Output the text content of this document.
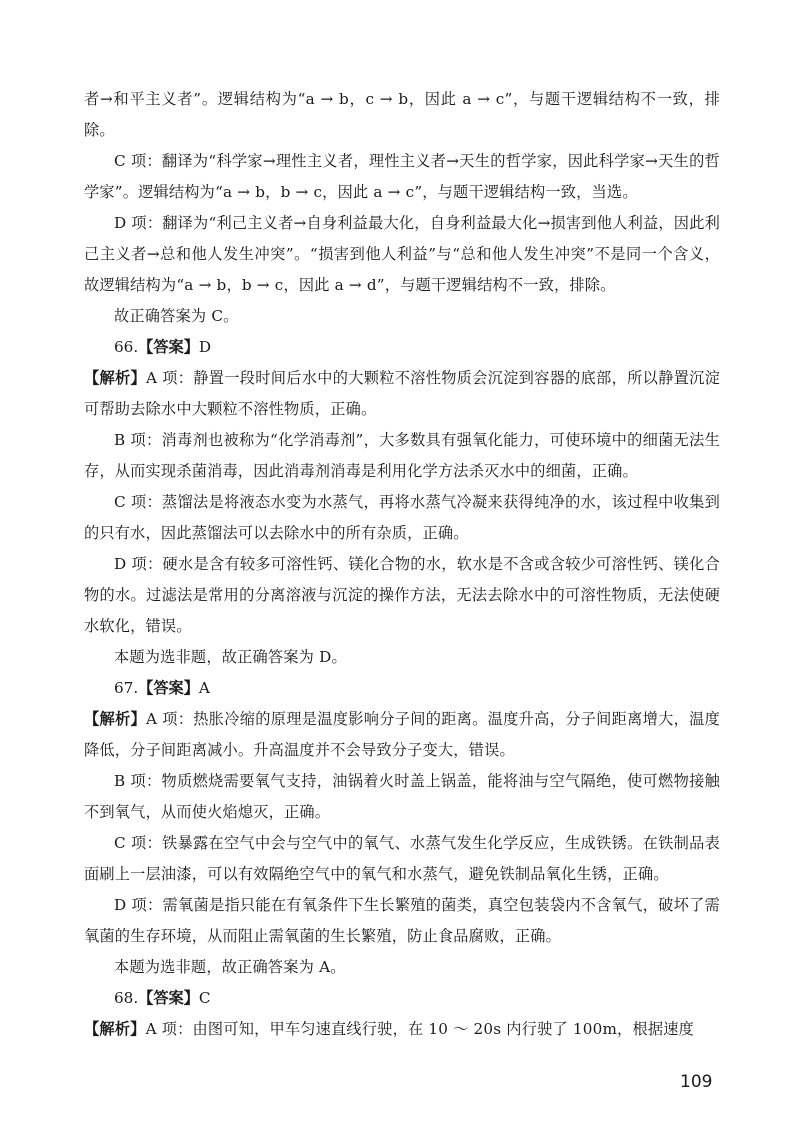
者→和平主义者”。逻辑结构为“a → b，c → b，因此 a → c”，与题干逻辑结构不一致，排除。

C 项：翻译为“科学家→理性主义者，理性主义者→天生的哲学家，因此科学家→天生的哲学家”。逻辑结构为“a → b，b → c，因此 a → c”，与题干逻辑结构一致，当选。

D 项：翻译为“利己主义者→自身利益最大化，自身利益最大化→损害到他人利益，因此利己主义者→总和他人发生冲突”。“损害到他人利益”与“总和他人发生冲突”不是同一个含义，故逻辑结构为“a → b，b → c，因此 a → d”，与题干逻辑结构不一致，排除。

故正确答案为 C。

66.【答案】D

【解析】A 项：静置一段时间后水中的大颗粒不溶性物质会沉淀到容器的底部，所以静置沉淀可帮助去除水中大颗粒不溶性物质，正确。

B 项：消毒剂也被称为“化学消毒剂”，大多数具有强氧化能力，可使环境中的细菌无法生存，从而实现杀菌消毒，因此消毒剂消毒是利用化学方法杀灭水中的细菌，正确。

C 项：蒸馏法是将液态水变为水蒸气，再将水蒸气冷凝来获得纯净的水，该过程中收集到的只有水，因此蒸馏法可以去除水中的所有杂质，正确。

D 项：硬水是含有较多可溶性钙、镁化合物的水，软水是不含或含较少可溶性钙、镁化合物的水。过滤法是常用的分离溶液与沉淀的操作方法，无法去除水中的可溶性物质，无法使硬水软化，错误。

本题为选非题，故正确答案为 D。

67.【答案】A

【解析】A 项：热胀冷缩的原理是温度影响分子间的距离。温度升高，分子间距离增大，温度降低，分子间距离减小。升高温度并不会导致分子变大，错误。

B 项：物质燃烧需要氧气支持，油锅着火时盖上锅盖，能将油与空气隔绝，使可燃物接触不到氧气，从而使火焰熄灭，正确。

C 项：铁暴露在空气中会与空气中的氧气、水蒸气发生化学反应，生成铁锈。在铁制品表面刷上一层油漆，可以有效隔绝空气中的氧气和水蒸气，避免铁制品氧化生锈，正确。

D 项：需氧菌是指只能在有氧条件下生长繁殖的菌类，真空包装袋内不含氧气，破坏了需氧菌的生存环境，从而阻止需氧菌的生长繁殖，防止食品腐败，正确。

本题为选非题，故正确答案为 A。

68.【答案】C

【解析】A 项：由图可知，甲车匀速直线行驶，在 10 ～ 20s 内行驶了 100m，根据速度

109
